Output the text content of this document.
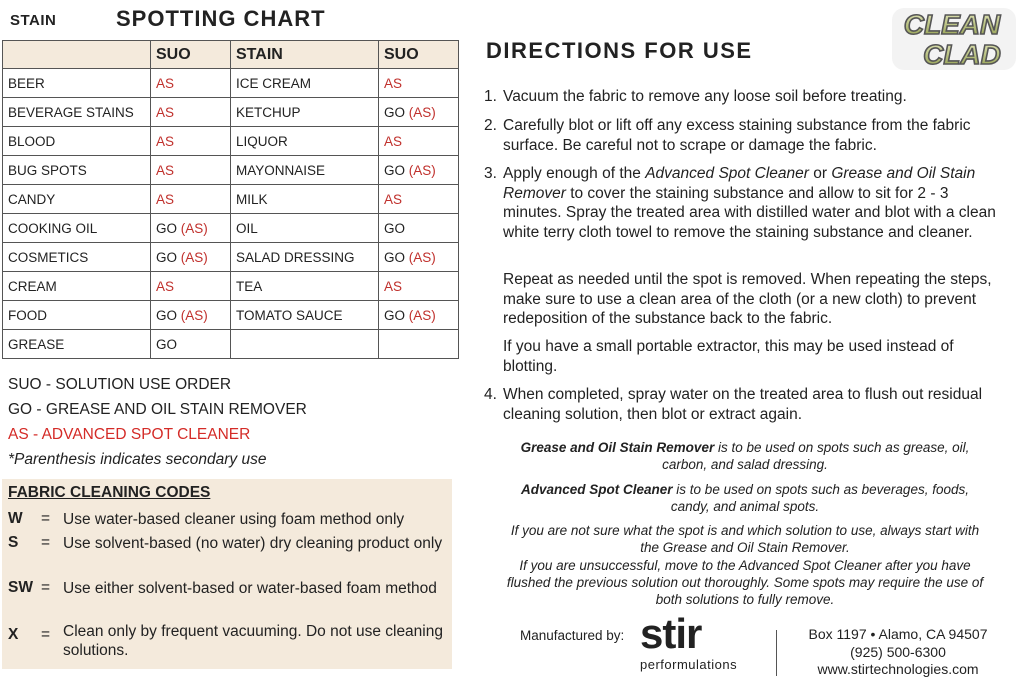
STAIN	SPOTTING CHART
	SUO	STAIN	SUO
BEER	AS	ICE CREAM	AS
BEVERAGE STAINS	AS	KETCHUP	GO (AS)
BLOOD	AS	LIQUOR	AS
BUG SPOTS	AS	MAYONNAISE	GO (AS)
CANDY	AS	MILK	AS
COOKING OIL	GO (AS)	OIL	GO
COSMETICS	GO (AS)	SALAD DRESSING	GO (AS)
CREAM	AS	TEA	AS
FOOD	GO (AS)	TOMATO SAUCE	GO (AS)
GREASE	GO		
SUO - SOLUTION USE ORDER
GO - GREASE AND OIL STAIN REMOVER
AS - ADVANCED SPOT CLEANER
*Parenthesis indicates secondary use
FABRIC CLEANING CODES
W = Use water-based cleaner using foam method only
S = Use solvent-based (no water) dry cleaning product only
SW = Use either solvent-based or water-based foam method
X = Clean only by frequent vacuuming. Do not use cleaning solutions.
CLEAN
CLAD
DIRECTIONS FOR USE
1. Vacuum the fabric to remove any loose soil before treating.
2. Carefully blot or lift off any excess staining substance from the fabric surface. Be careful not to scrape or damage the fabric.
3. Apply enough of the Advanced Spot Cleaner or Grease and Oil Stain Remover to cover the staining substance and allow to sit for 2 - 3 minutes. Spray the treated area with distilled water and blot with a clean white terry cloth towel to remove the staining substance and cleaner.
Repeat as needed until the spot is removed. When repeating the steps, make sure to use a clean area of the cloth (or a new cloth) to prevent redeposition of the substance back to the fabric.
If you have a small portable extractor, this may be used instead of blotting.
4. When completed, spray water on the treated area to flush out residual cleaning solution, then blot or extract again.
Grease and Oil Stain Remover is to be used on spots such as grease, oil, carbon, and salad dressing.
Advanced Spot Cleaner is to be used on spots such as beverages, foods, candy, and animal spots.
If you are not sure what the spot is and which solution to use, always start with the Grease and Oil Stain Remover.
If you are unsuccessful, move to the Advanced Spot Cleaner after you have flushed the previous solution out thoroughly. Some spots may require the use of both solutions to fully remove.
Manufactured by: stir
performulations
Box 1197 • Alamo, CA 94507
(925) 500-6300
www.stirtechnologies.com
